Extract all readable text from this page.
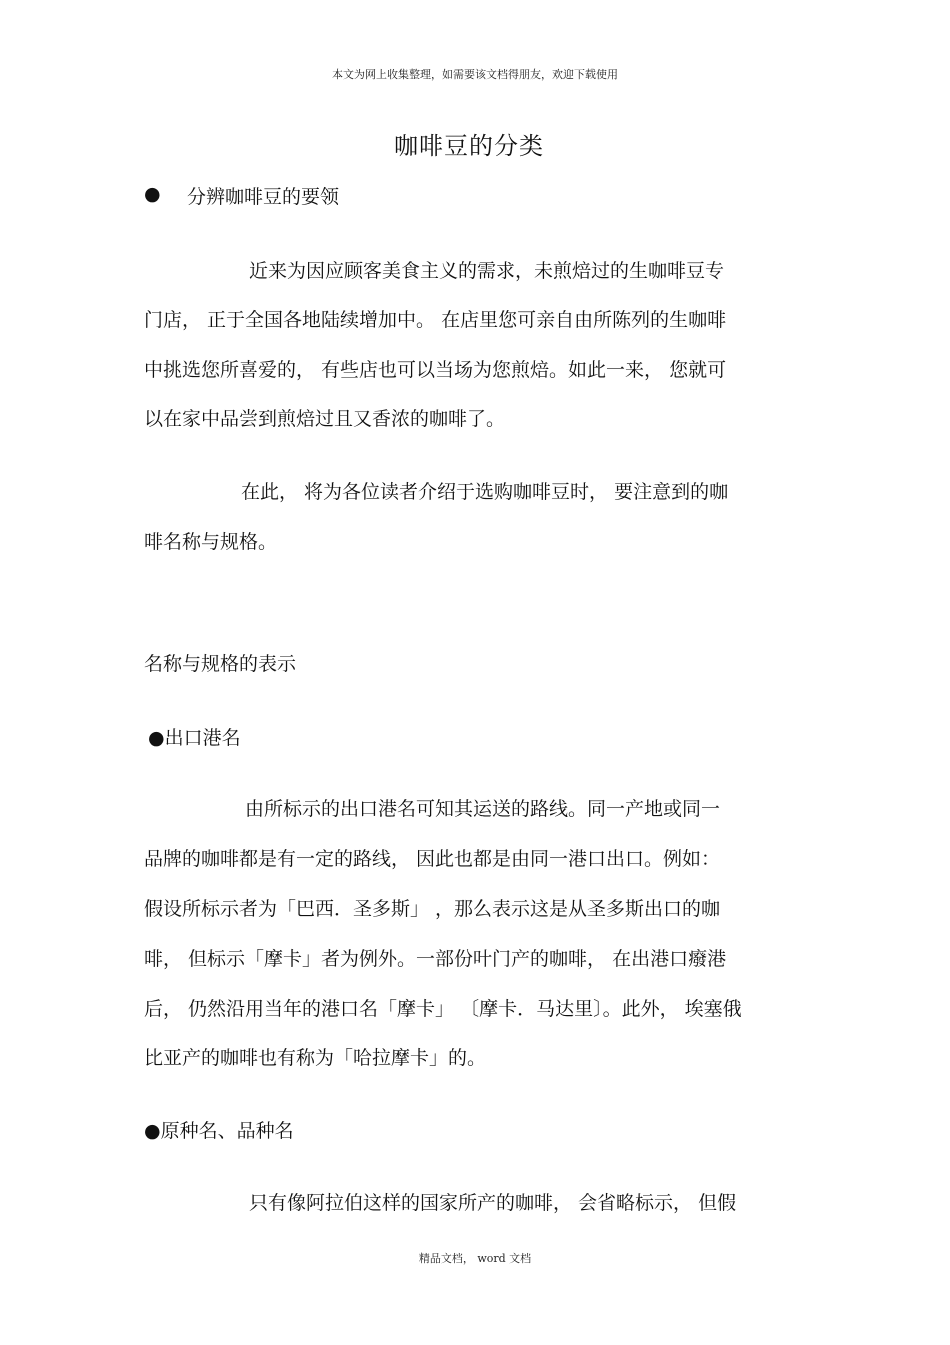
本文为网上收集整理，如需要该文档得朋友，欢迎下载使用
咖啡豆的分类
● 分辨咖啡豆的要领
近来为因应顾客美食主义的需求，未煎焙过的生咖啡豆专
门店， 正于全国各地陆续增加中。 在店里您可亲自由所陈列的生咖啡
中挑选您所喜爱的， 有些店也可以当场为您煎焙。如此一来， 您就可
以在家中品尝到煎焙过且又香浓的咖啡了。
在此， 将为各位读者介绍于选购咖啡豆时， 要注意到的咖
啡名称与规格。
名称与规格的表示
●出口港名
由所标示的出口港名可知其运送的路线。同一产地或同一
品牌的咖啡都是有一定的路线， 因此也都是由同一港口出口。例如：
假设所标示者为「巴西．圣多斯」 ，那么表示这是从圣多斯出口的咖
啡， 但标示「摩卡」者为例外。一部份叶门产的咖啡， 在出港口癈港
后， 仍然沿用当年的港口名「摩卡」 〔摩卡．马达里〕。此外， 埃塞俄
比亚产的咖啡也有称为「哈拉摩卡」的。
●原种名、品种名
只有像阿拉伯这样的国家所产的咖啡， 会省略标示， 但假
精品文档， word 文档
